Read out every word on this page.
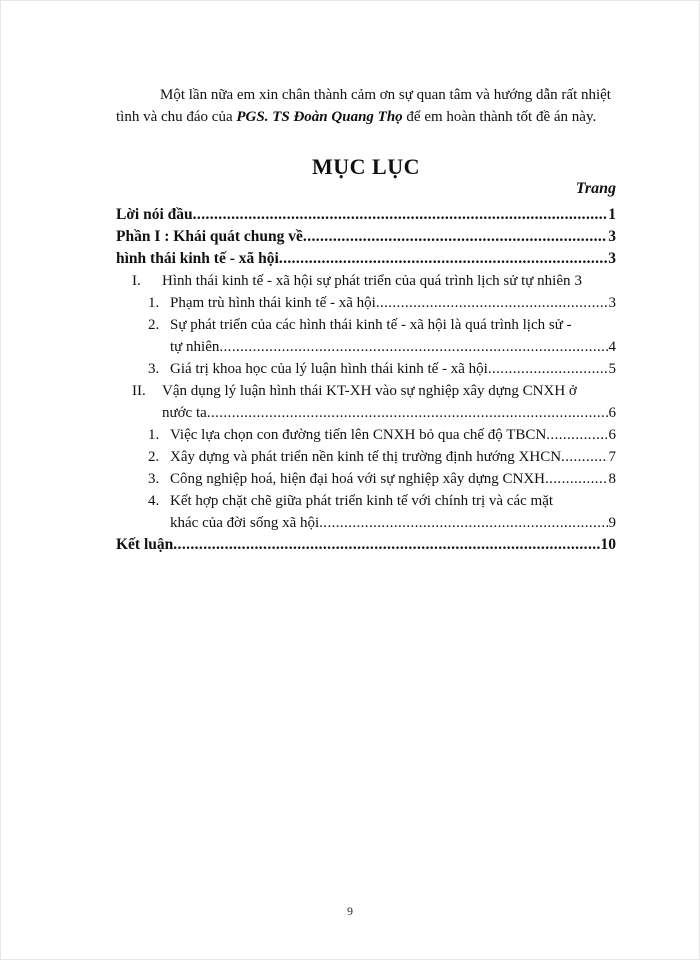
Một lần nữa em xin chân thành cảm ơn sự quan tâm và hướng dẫn rất nhiệt tình và chu đáo của PGS. TS Đoàn Quang Thọ để em hoàn thành tốt đề án này.

MỤC LỤC
Trang
Lời nói đầu .....	1
Phần I : Khái quát chung về .....	3
hình thái kinh tế - xã hội .....	3
I.	Hình thái kinh tế - xã hội sự phát triển của quá trình lịch sử tự nhiên 3
1. Phạm trù hình thái kinh tế - xã hội .....	3
2. Sự phát triển của các hình thái kinh tế - xã hội là quá trình lịch sử -
tự nhiên .....	4
3. Giá trị khoa học của lý luận hình thái kinh tế - xã hội .....	5
II.	Vận dụng lý luận hình thái KT-XH vào sự nghiệp xây dựng CNXH ở
nước ta .....	6
1. Việc lựa chọn con đường tiến lên CNXH bỏ qua chế độ TBCN .....	6
2. Xây dựng và phát triển nền kinh tế thị trường định hướng XHCN .....	7
3. Công nghiệp hoá, hiện đại hoá với sự nghiệp xây dựng CNXH .....	8
4. Kết hợp chặt chẽ giữa phát triển kinh tế với chính trị và các mặt
khác của đời sống xã hội .....	9
Kết luận .....	10
9
